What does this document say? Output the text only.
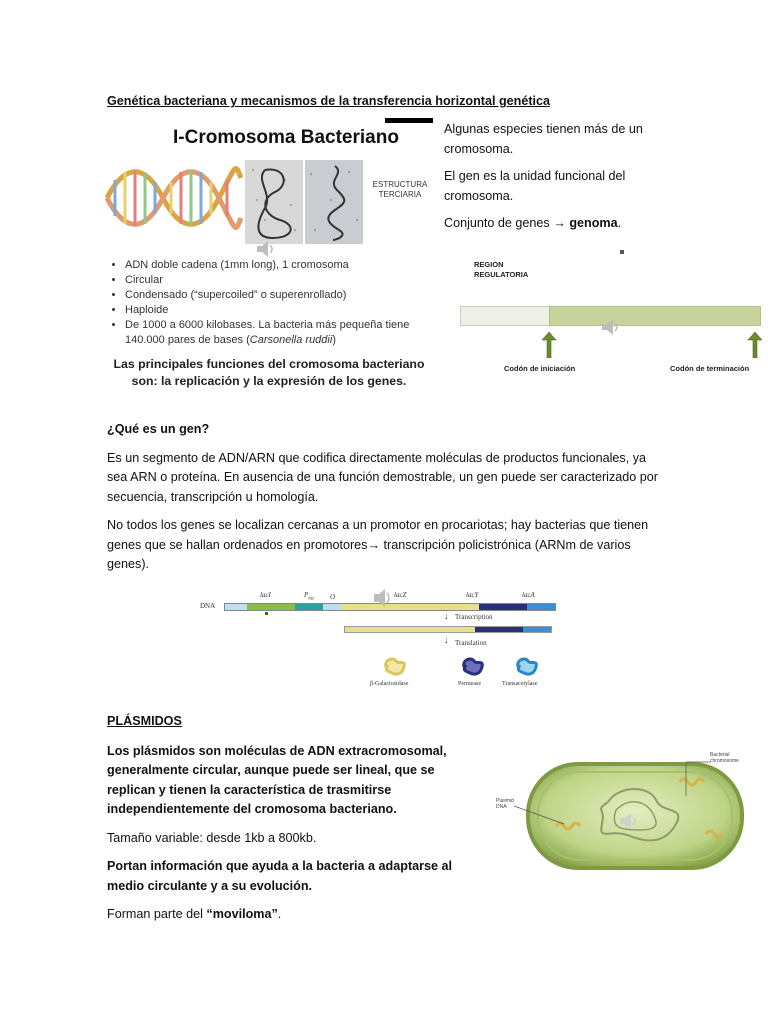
Genética bacteriana y mecanismos de la transferencia horizontal genética
I-Cromosoma Bacteriano
ESTRUCTURA
TERCIARIA
• ADN doble cadena (1mm long), 1 cromosoma
• Circular
• Condensado (“supercoiled” o superenrollado)
• Haploide
• De 1000 a 6000 kilobases. La bacteria más pequeña tiene 140.000 pares de bases (Carsonella ruddii)
Las principales funciones del cromosoma bacteriano
son: la replicación y la expresión de los genes.

Algunas especies tienen más de un cromosoma.

El gen es la unidad funcional del cromosoma.

Conjunto de genes → genoma.

REGION
REGULATORIA
Codón de iniciación	Codón de terminación

¿Qué es un gen?

Es un segmento de ADN/ARN que codifica directamente moléculas de productos funcionales, ya sea ARN o proteína. En ausencia de una función demostrable, un gen puede ser caracterizado por secuencia, transcripción u homología.

No todos los genes se localizan cercanas a un promotor en procariotas; hay bacterias que tienen genes que se hallan ordenados en promotores→ transcripción policistrónica (ARNm de varios genes).

DNA
lacI	$P_{lac}$ O	lacZ	lacY	lacA
↓ Transcription
↓ Translation
β-Galactosidase	Permease	Transacetylase

PLÁSMIDOS

Los plásmidos son moléculas de ADN extracromosomal, generalmente circular, aunque puede ser lineal, que se replican y tienen la característica de trasmitirse independientemente del cromosoma bacteriano.

Tamaño variable: desde 1kb a 800kb.

Portan información que ayuda a la bacteria a adaptarse al medio circulante y a su evolución.

Forman parte del “moviloma”.

Bacterial
chromosome
Plasmid
DNA
